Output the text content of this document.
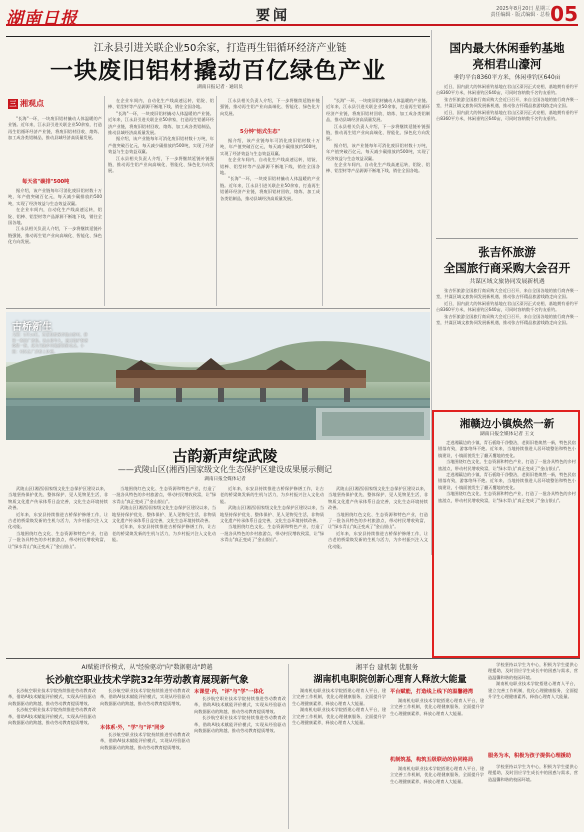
湖南日报	要闻	2025年8月20日 星期三
责任编辑 · 版式编辑 · 总检 05
江永县引进关联企业50余家，打造再生铝循环经济产业链
一块废旧铝材撬动百亿绿色产业
湖南日报记者 · 通讯员
三 湘观点

"长海"一环，一块废旧铝材撬动人体温暖的产业链。近年来，江永县引进关联企业50余家，打造再生铝循环经济产业链，将废旧铝材回收、熔炼、加工成各类铝制品，推动县域经济高质量发展。

每天省"碳排"500吨

据介绍，该产业链每年可消化废旧铝材数十万吨，年产值突破百亿元，每天减少碳排放约500吨，实现了经济效益与生态效益双赢。

在企业车间内，自动化生产线高速运转，铝锭、铝棒、铝型材等产品源源不断地下线，销往全国各地。

江永县相关负责人介绍，下一步将继续延链补链强链，推动再生铝产业向高端化、智能化、绿色化方向发展。

在企业车间内，自动化生产线高速运转，铝锭、铝棒、铝型材等产品源源不断地下线，销往全国各地。

"长海"一环，一块废旧铝材撬动人体温暖的产业链。近年来，江永县引进关联企业50余家，打造再生铝循环经济产业链，将废旧铝材回收、熔炼、加工成各类铝制品，推动县域经济高质量发展。

据介绍，该产业链每年可消化废旧铝材数十万吨，年产值突破百亿元，每天减少碳排放约500吨，实现了经济效益与生态效益双赢。

江永县相关负责人介绍，下一步将继续延链补链强链，推动再生铝产业向高端化、智能化、绿色化方向发展。

5分钟"铝式生态"

江永县相关负责人介绍，下一步将继续延链补链强链，推动再生铝产业向高端化、智能化、绿色化方向发展。

据介绍，该产业链每年可消化废旧铝材数十万吨，年产值突破百亿元，每天减少碳排放约500吨，实现了经济效益与生态效益双赢。

在企业车间内，自动化生产线高速运转，铝锭、铝棒、铝型材等产品源源不断地下线，销往全国各地。

"长海"一环，一块废旧铝材撬动人体温暖的产业链。近年来，江永县引进关联企业50余家，打造再生铝循环经济产业链，将废旧铝材回收、熔炼、加工成各类铝制品，推动县域经济高质量发展。

"长海"一环，一块废旧铝材撬动人体温暖的产业链。近年来，江永县引进关联企业50余家，打造再生铝循环经济产业链，将废旧铝材回收、熔炼、加工成各类铝制品，推动县域经济高质量发展。

江永县相关负责人介绍，下一步将继续延链补链强链，推动再生铝产业向高端化、智能化、绿色化方向发展。

据介绍，该产业链每年可消化废旧铝材数十万吨，年产值突破百亿元，每天减少碳排放约500吨，实现了经济效益与生态效益双赢。

在企业车间内，自动化生产线高速运转，铝锭、铝棒、铝型材等产品源源不断地下线，销往全国各地。

古桥新生
大图：5月19日，东安县紫溪市镇古桥村，修葺一新的广济桥。该古桥年久，通过保护修缮焕然一新，成为当地乡村旅游的新亮点。小图：村民在广济桥上休憩。
古韵新声绽武陵
——武陵山区(湘西)国家级文化生态保护区建设成果展示侧记
湖南日报全媒体记者

武陵山区(湘西)国家级文化生态保护区建设以来，当地坚持保护优先、整体保护、见人见物见生活，非物质文化遗产传承体系日益完善，文化生态环境持续改善。

近年来，东安县持续推进古桥保护修缮工作，让古老的桥梁焕发新的生机与活力，为乡村振兴注入文化动能。

当地围绕红色文化、生态资源和特色产业，打造了一批各具特色的乡村旅游点，带动村民增收致富，让"绿水青山"真正变成了"金山银山"。

当地围绕红色文化、生态资源和特色产业，打造了一批各具特色的乡村旅游点，带动村民增收致富，让"绿水青山"真正变成了"金山银山"。

武陵山区(湘西)国家级文化生态保护区建设以来，当地坚持保护优先、整体保护、见人见物见生活，非物质文化遗产传承体系日益完善，文化生态环境持续改善。

近年来，东安县持续推进古桥保护修缮工作，让古老的桥梁焕发新的生机与活力，为乡村振兴注入文化动能。

近年来，东安县持续推进古桥保护修缮工作，让古老的桥梁焕发新的生机与活力，为乡村振兴注入文化动能。

武陵山区(湘西)国家级文化生态保护区建设以来，当地坚持保护优先、整体保护、见人见物见生活，非物质文化遗产传承体系日益完善，文化生态环境持续改善。

当地围绕红色文化、生态资源和特色产业，打造了一批各具特色的乡村旅游点，带动村民增收致富，让"绿水青山"真正变成了"金山银山"。

武陵山区(湘西)国家级文化生态保护区建设以来，当地坚持保护优先、整体保护、见人见物见生活，非物质文化遗产传承体系日益完善，文化生态环境持续改善。

当地围绕红色文化、生态资源和特色产业，打造了一批各具特色的乡村旅游点，带动村民增收致富，让"绿水青山"真正变成了"金山银山"。

近年来，东安县持续推进古桥保护修缮工作，让古老的桥梁焕发新的生机与活力，为乡村振兴注入文化动能。

国内最大休闲垂钓基地
亮相君山濠河
垂钓平台8360平方米，休闲垂钓区640亩

近日，国内最大的休闲垂钓基地在君山区濠河正式亮相，基地拥有垂钓平台8360平方米，休闲垂钓区640亩，可同时容纳数千名钓友垂钓。

张吉怀旅游全国旅行商采购大会近日召开，来自全国各地的旅行商齐聚一堂，共谋区域文旅协同发展新机遇，推动张吉怀精品旅游线路走向全国。

近日，国内最大的休闲垂钓基地在君山区濠河正式亮相，基地拥有垂钓平台8360平方米，休闲垂钓区640亩，可同时容纳数千名钓友垂钓。

张吉怀旅游
全国旅行商采购大会召开
共谋区域文旅协同发展新机遇

张吉怀旅游全国旅行商采购大会近日召开，来自全国各地的旅行商齐聚一堂，共谋区域文旅协同发展新机遇，推动张吉怀精品旅游线路走向全国。

近日，国内最大的休闲垂钓基地在君山区濠河正式亮相，基地拥有垂钓平台8360平方米，休闲垂钓区640亩，可同时容纳数千名钓友垂钓。

张吉怀旅游全国旅行商采购大会近日召开，来自全国各地的旅行商齐聚一堂，共谋区域文旅协同发展新机遇，推动张吉怀精品旅游线路走向全国。

湘赣边小镇焕然一新
湖南日报全媒体记者 王文

走进湘赣边的小镇，青石板路干净整洁，老街旧巷焕然一新，特色民宿错落有致，游客络绎不绝。近年来，当地持续推进人居环境整治和特色小镇建设，小镇面貌发生了翻天覆地的变化。

当地围绕红色文化、生态资源和特色产业，打造了一批各具特色的乡村旅游点，带动村民增收致富，让"绿水青山"真正变成了"金山银山"。

走进湘赣边的小镇，青石板路干净整洁，老街旧巷焕然一新，特色民宿错落有致，游客络绎不绝。近年来，当地持续推进人居环境整治和特色小镇建设，小镇面貌发生了翻天覆地的变化。

当地围绕红色文化、生态资源和特色产业，打造了一批各具特色的乡村旅游点，带动村民增收致富，让"绿水青山"真正变成了"金山银山"。

AI赋能评价模式，从"经验驱动"向"数据驱动"跨越
长沙航空职业技术学院32年劳动教育展现新气象

长沙航空职业技术学院持续推进劳动教育改革，借助AI技术赋能评价模式，实现从经验驱动向数据驱动的跨越，推动劳动教育提质增效。

长沙航空职业技术学院持续推进劳动教育改革，借助AI技术赋能评价模式，实现从经验驱动向数据驱动的跨越，推动劳动教育提质增效。

本体系·外，"学"与"评"同步

长沙航空职业技术学院持续推进劳动教育改革，借助AI技术赋能评价模式，实现从经验驱动向数据驱动的跨越，推动劳动教育提质增效。

长沙航空职业技术学院持续推进劳动教育改革，借助AI技术赋能评价模式，实现从经验驱动向数据驱动的跨越，推动劳动教育提质增效。

本课堂·内，"评"与"学"一体化

长沙航空职业技术学院持续推进劳动教育改革，借助AI技术赋能评价模式，实现从经验驱动向数据驱动的跨越，推动劳动教育提质增效。

长沙航空职业技术学院持续推进劳动教育改革，借助AI技术赋能评价模式，实现从经验驱动向数据驱动的跨越，推动劳动教育提质增效。

湘平台 建机制 优服务
湖南机电职院创新心理育人释放大能量

湖南机电职业技术学院搭建心理育人平台，建立完善工作机制，优化心理健康服务，全面提升学生心理健康素养，释放心理育人大能量。

湖南机电职业技术学院搭建心理育人平台，建立完善工作机制，优化心理健康服务，全面提升学生心理健康素养，释放心理育人大能量。

平台赋能，打造线上线下的温馨港湾

湖南机电职业技术学院搭建心理育人平台，建立完善工作机制，优化心理健康服务，全面提升学生心理健康素养，释放心理育人大能量。

机制筑基，构筑五级联动的协同格局

湖南机电职业技术学院搭建心理育人平台，建立完善工作机制，优化心理健康服务，全面提升学生心理健康素养，释放心理育人大能量。

学校坚持以学生为中心，积极为学生提供心理援助，及时回应学生成长中的困惑与需求，营造温馨和谐的校园环境。

湖南机电职业技术学院搭建心理育人平台，建立完善工作机制，优化心理健康服务，全面提升学生心理健康素养，释放心理育人大能量。

服务为本，积极为孩子提供心理援助

学校坚持以学生为中心，积极为学生提供心理援助，及时回应学生成长中的困惑与需求，营造温馨和谐的校园环境。
